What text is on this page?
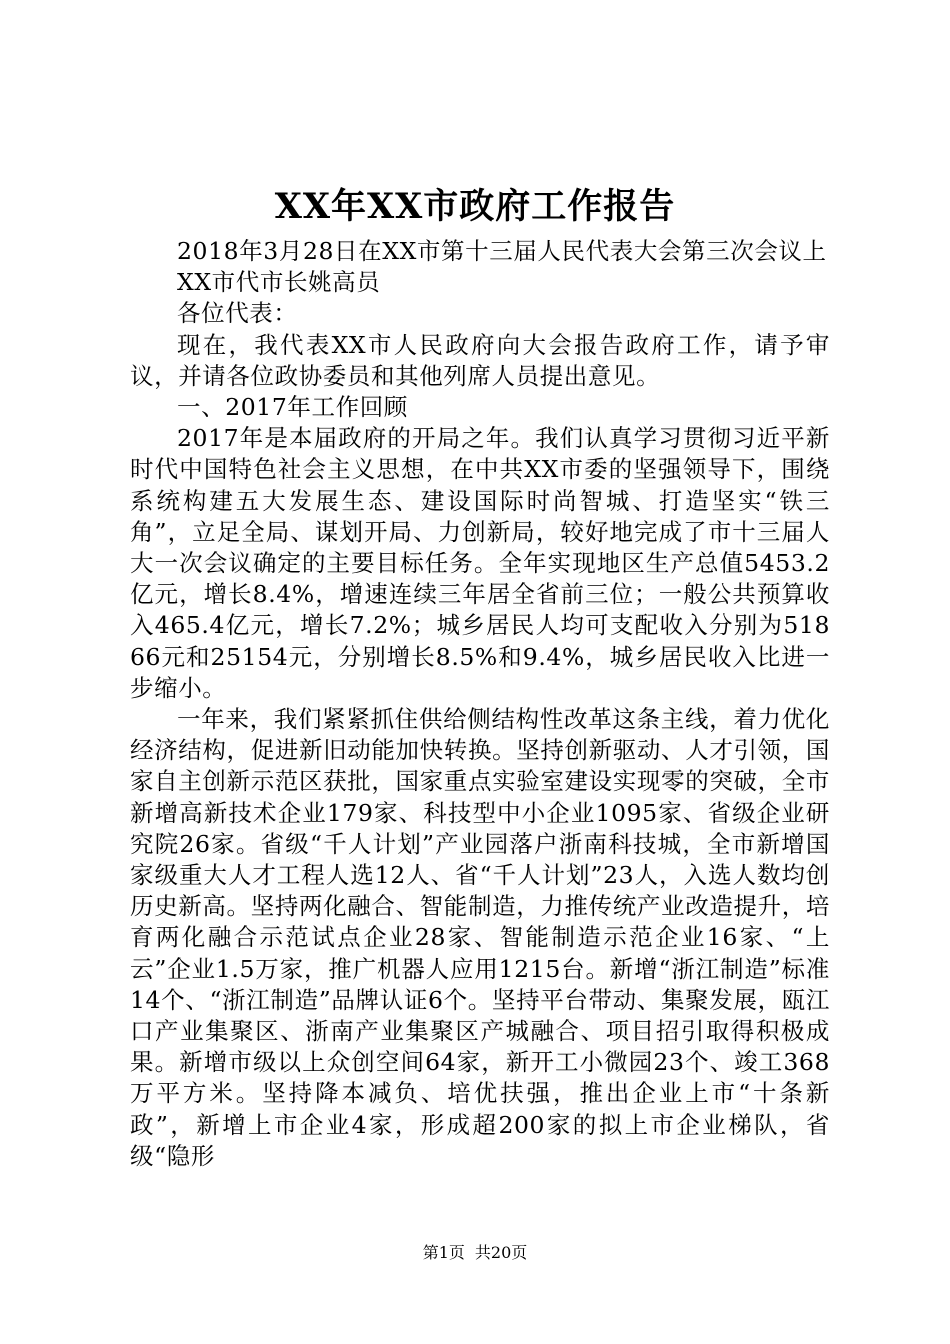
XX年XX市政府工作报告

2018年3月28日在XX市第十三届人民代表大会第三次会议上

XX市代市长姚高员

各位代表：

现在，我代表XX市人民政府向大会报告政府工作，请予审议，并请各位政协委员和其他列席人员提出意见。

一、2017年工作回顾

2017年是本届政府的开局之年。我们认真学习贯彻习近平新时代中国特色社会主义思想，在中共XX市委的坚强领导下，围绕系统构建五大发展生态、建设国际时尚智城、打造坚实“铁三角”，立足全局、谋划开局、力创新局，较好地完成了市十三届人大一次会议确定的主要目标任务。全年实现地区生产总值5453.2亿元，增长8.4%，增速连续三年居全省前三位；一般公共预算收入465.4亿元，增长7.2%；城乡居民人均可支配收入分别为51866元和25154元，分别增长8.5%和9.4%，城乡居民收入比进一步缩小。

一年来，我们紧紧抓住供给侧结构性改革这条主线，着力优化经济结构，促进新旧动能加快转换。坚持创新驱动、人才引领，国家自主创新示范区获批，国家重点实验室建设实现零的突破，全市新增高新技术企业179家、科技型中小企业1095家、省级企业研究院26家。省级“千人计划”产业园落户浙南科技城，全市新增国家级重大人才工程人选12人、省“千人计划”23人，入选人数均创历史新高。坚持两化融合、智能制造，力推传统产业改造提升，培育两化融合示范试点企业28家、智能制造示范企业16家、“上云”企业1.5万家，推广机器人应用1215台。新增“浙江制造”标准14个、“浙江制造”品牌认证6个。坚持平台带动、集聚发展，瓯江口产业集聚区、浙南产业集聚区产城融合、项目招引取得积极成果。新增市级以上众创空间64家，新开工小微园23个、竣工368万平方米。坚持降本减负、培优扶强，推出企业上市“十条新政”，新增上市企业4家，形成超200家的拟上市企业梯队，省级“隐形

第1页 共20页
